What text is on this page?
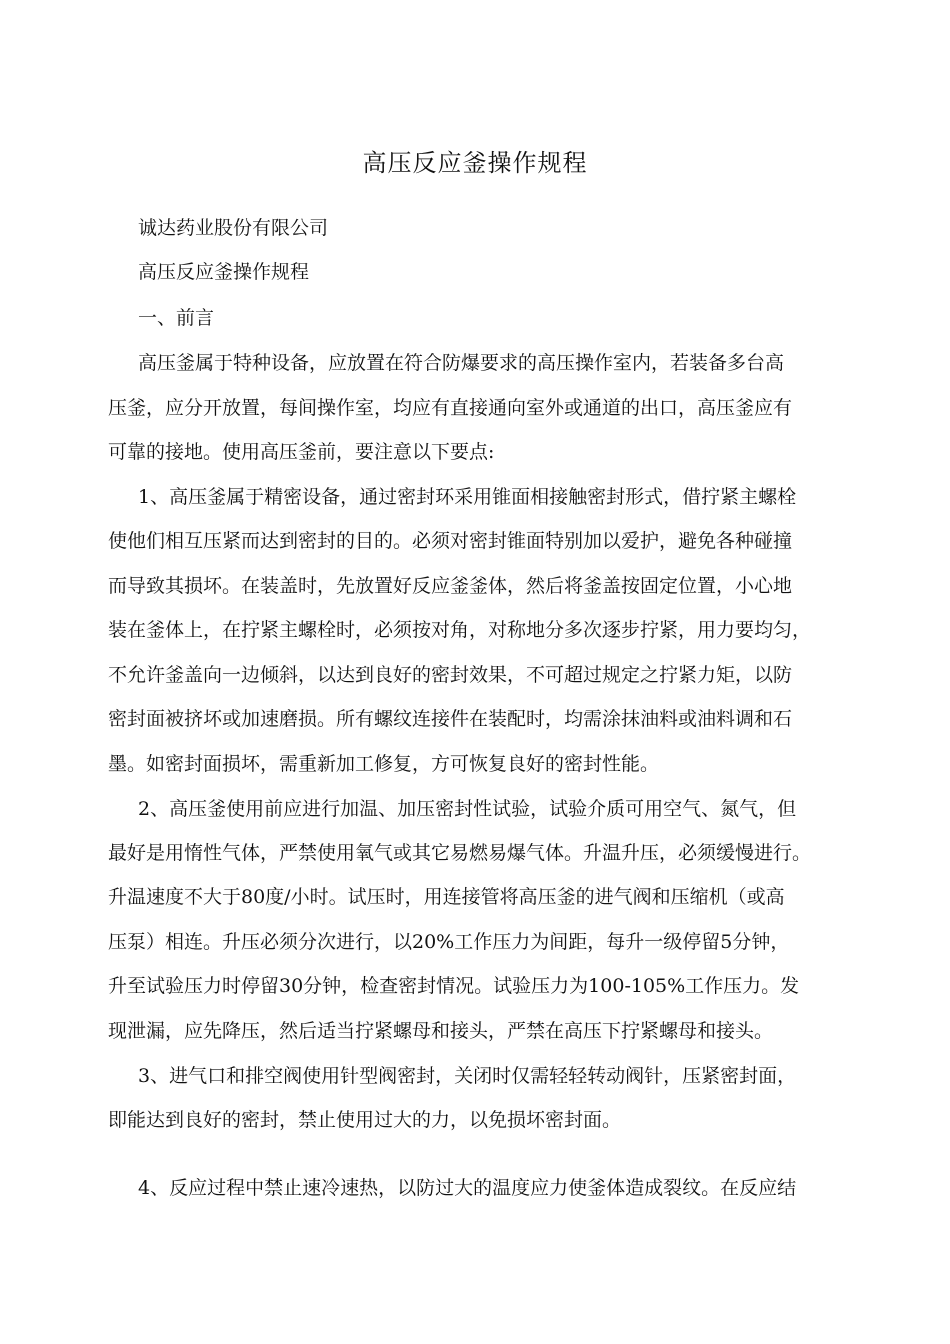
高压反应釜操作规程
诚达药业股份有限公司
高压反应釜操作规程
一、前言
高压釜属于特种设备，应放置在符合防爆要求的高压操作室内，若装备多台高
压釜，应分开放置，每间操作室，均应有直接通向室外或通道的出口，高压釜应有
可靠的接地。使用高压釜前，要注意以下要点:
1、高压釜属于精密设备，通过密封环采用锥面相接触密封形式，借拧紧主螺栓
使他们相互压紧而达到密封的目的。必须对密封锥面特别加以爱护，避免各种碰撞
而导致其损坏。在装盖时，先放置好反应釜釜体，然后将釜盖按固定位置，小心地
装在釜体上，在拧紧主螺栓时，必须按对角，对称地分多次逐步拧紧，用力要均匀，
不允许釜盖向一边倾斜，以达到良好的密封效果，不可超过规定之拧紧力矩，以防
密封面被挤坏或加速磨损。所有螺纹连接件在装配时，均需涂抹油料或油料调和石
墨。如密封面损坏，需重新加工修复，方可恢复良好的密封性能。
2、高压釜使用前应进行加温、加压密封性试验，试验介质可用空气、氮气，但
最好是用惰性气体，严禁使用氧气或其它易燃易爆气体。升温升压，必须缓慢进行。
升温速度不大于80度/小时。试压时，用连接管将高压釜的进气阀和压缩机（或高
压泵）相连。升压必须分次进行，以20%工作压力为间距，每升一级停留5分钟，
升至试验压力时停留30分钟，检查密封情况。试验压力为100-105%工作压力。发
现泄漏，应先降压，然后适当拧紧螺母和接头，严禁在高压下拧紧螺母和接头。
3、进气口和排空阀使用针型阀密封，关闭时仅需轻轻转动阀针，压紧密封面，
即能达到良好的密封，禁止使用过大的力，以免损坏密封面。
4、反应过程中禁止速冷速热，以防过大的温度应力使釜体造成裂纹。在反应结
